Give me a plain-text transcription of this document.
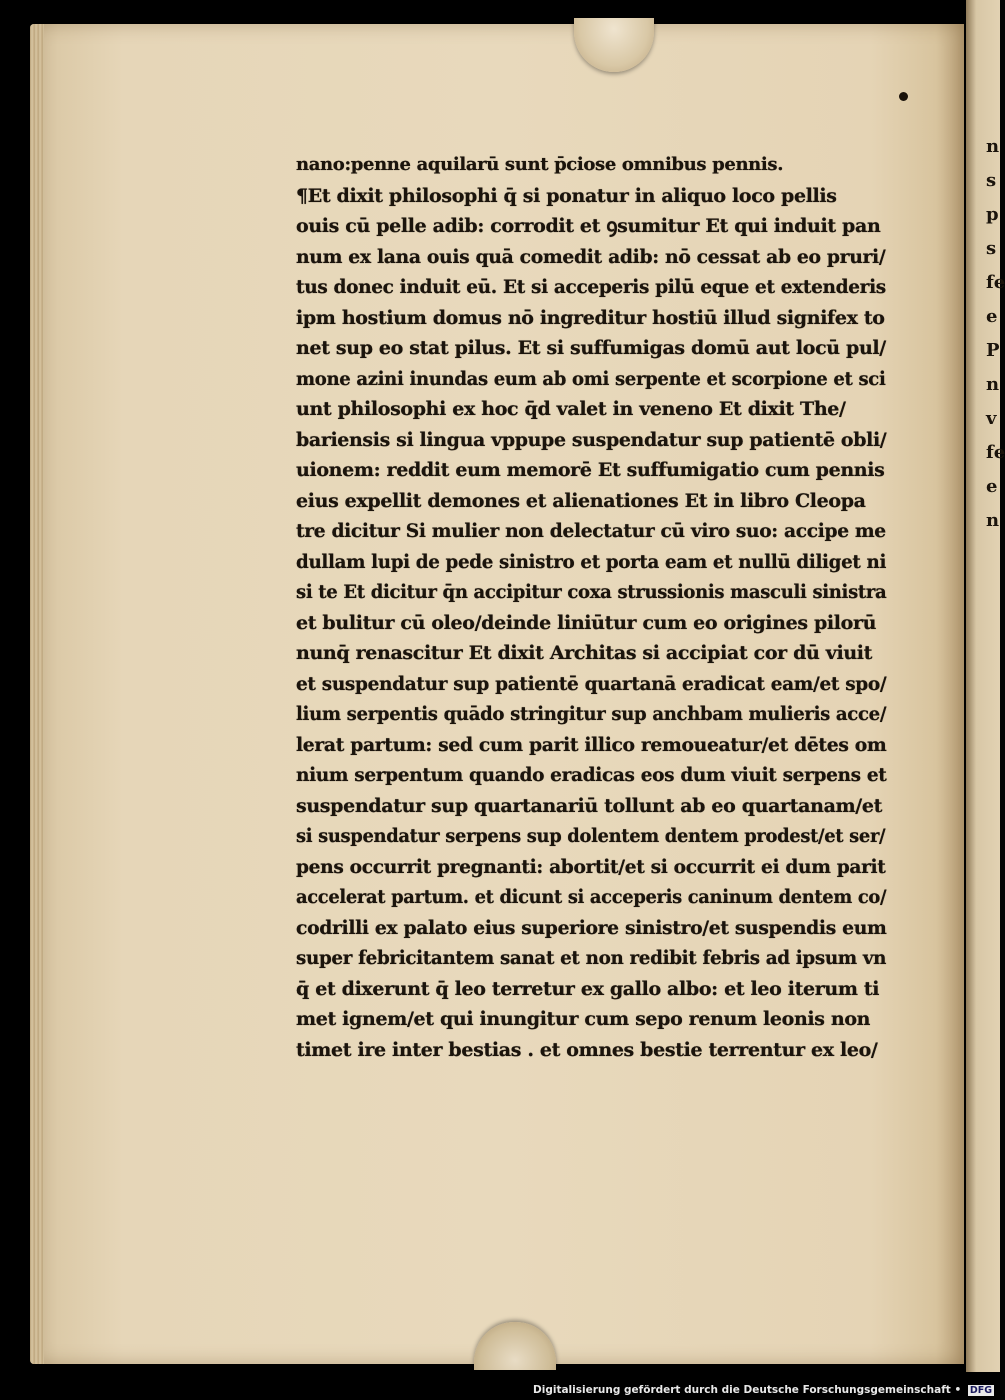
n
s
p
s
fe
e
P
n
v
fe
e
n
nano:penne aquilarū sunt p̄ciose omnibus pennis.
¶Et dixit philosophi q̄ si ponatur in aliquo loco pellis
ouis cū pelle adib: corrodit et ꝯsumitur Et qui induit pan
num ex lana ouis quā comedit adib: nō cessat ab eo pruri/
tus donec induit eū. Et si acceperis pilū eque et extenderis
ipm hostium domus nō ingreditur hostiū illud signifex to
net sup eo stat pilus. Et si suffumigas domū aut locū pul/
mone azini inundas eum ab omi serpente et scorpione et sci
unt philosophi ex hoc q̄d valet in veneno Et dixit The/
bariensis si lingua vppupe suspendatur sup patientē obli/
uionem: reddit eum memorē Et suffumigatio cum pennis
eius expellit demones et alienationes Et in libro Cleopa
tre dicitur Si mulier non delectatur cū viro suo: accipe me
dullam lupi de pede sinistro et porta eam et nullū diliget ni
si te Et dicitur q̄n accipitur coxa strussionis masculi sinistra
et bulitur cū oleo/deinde liniūtur cum eo origines pilorū
nunq̄ renascitur Et dixit Architas si accipiat cor dū viuit
et suspendatur sup patientē quartanā eradicat eam/et spo/
lium serpentis quādo stringitur sup anchbam mulieris acce/
lerat partum: sed cum parit illico remoueatur/et dētes om
nium serpentum quando eradicas eos dum viuit serpens et
suspendatur sup quartanariū tollunt ab eo quartanam/et
si suspendatur serpens sup dolentem dentem prodest/et ser/
pens occurrit pregnanti: abortit/et si occurrit ei dum parit
accelerat partum. et dicunt si acceperis caninum dentem co/
codrilli ex palato eius superiore sinistro/et suspendis eum
super febricitantem sanat et non redibit febris ad ipsum vn
q̄ et dixerunt q̄ leo terretur ex gallo albo: et leo iterum ti
met ignem/et qui inungitur cum sepo renum leonis non
timet ire inter bestias . et omnes bestie terrentur ex leo/
Digitalisierung gefördert durch die Deutsche Forschungsgemeinschaft • DFG
